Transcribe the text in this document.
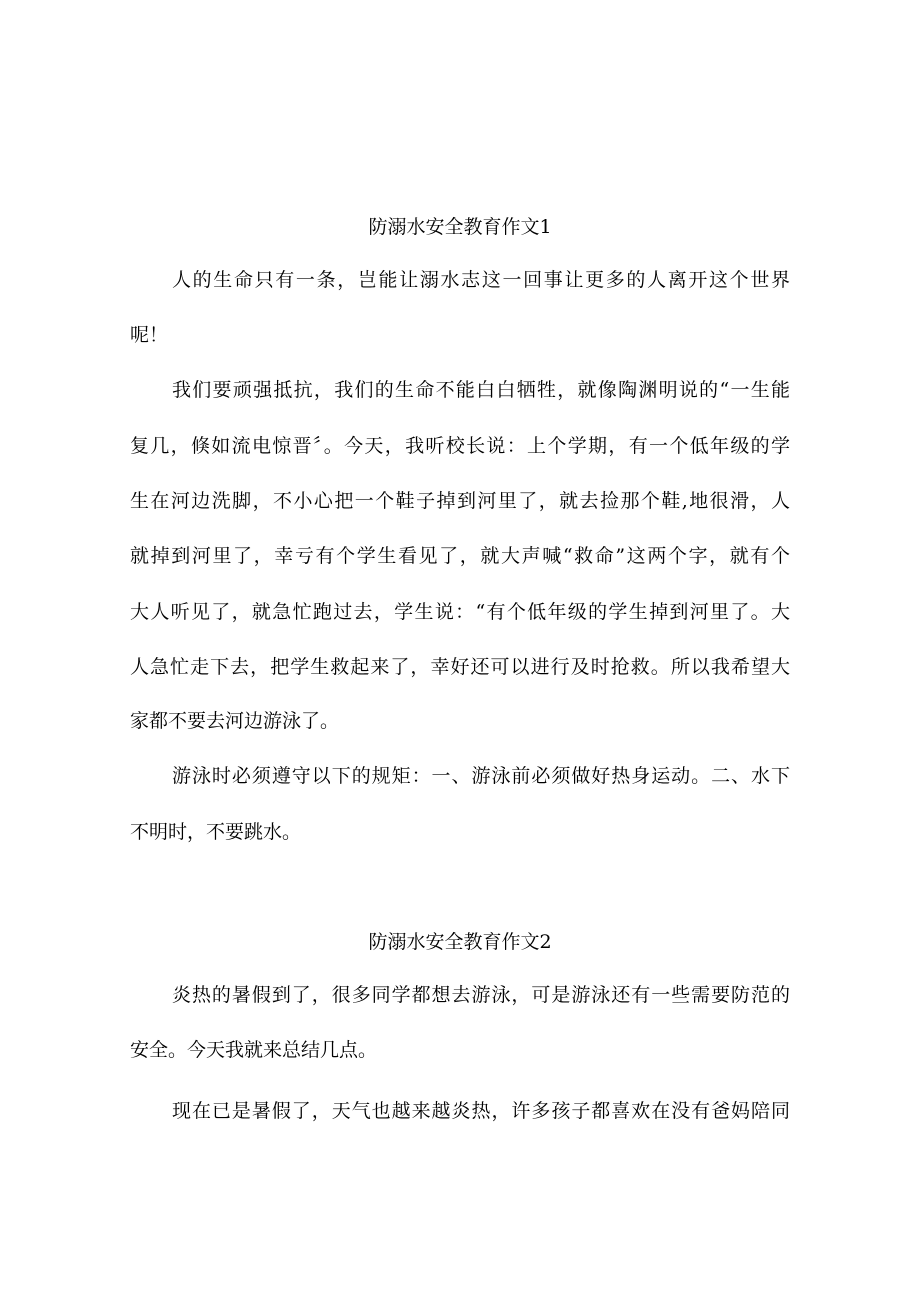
防溺水安全教育作文1
人的生命只有一条，岂能让溺水志这一回事让更多的人离开这个世界
呢！
我们要顽强抵抗，我们的生命不能白白牺牲，就像陶渊明说的“一生能
复几，倏如流电惊晋〞。今天，我听校长说：上个学期，有一个低年级的学
生在河边洗脚，不小心把一个鞋子掉到河里了，就去捡那个鞋,地很滑，人
就掉到河里了，幸亏有个学生看见了，就大声喊“救命”这两个字，就有个
大人听见了，就急忙跑过去，学生说：“有个低年级的学生掉到河里了。大
人急忙走下去，把学生救起来了，幸好还可以进行及时抢救。所以我希望大
家都不要去河边游泳了。
游泳时必须遵守以下的规矩：一、游泳前必须做好热身运动。二、水下
不明时，不要跳水。
防溺水安全教育作文2
炎热的暑假到了，很多同学都想去游泳，可是游泳还有一些需要防范的
安全。今天我就来总结几点。
现在已是暑假了，天气也越来越炎热，许多孩子都喜欢在没有爸妈陪同
